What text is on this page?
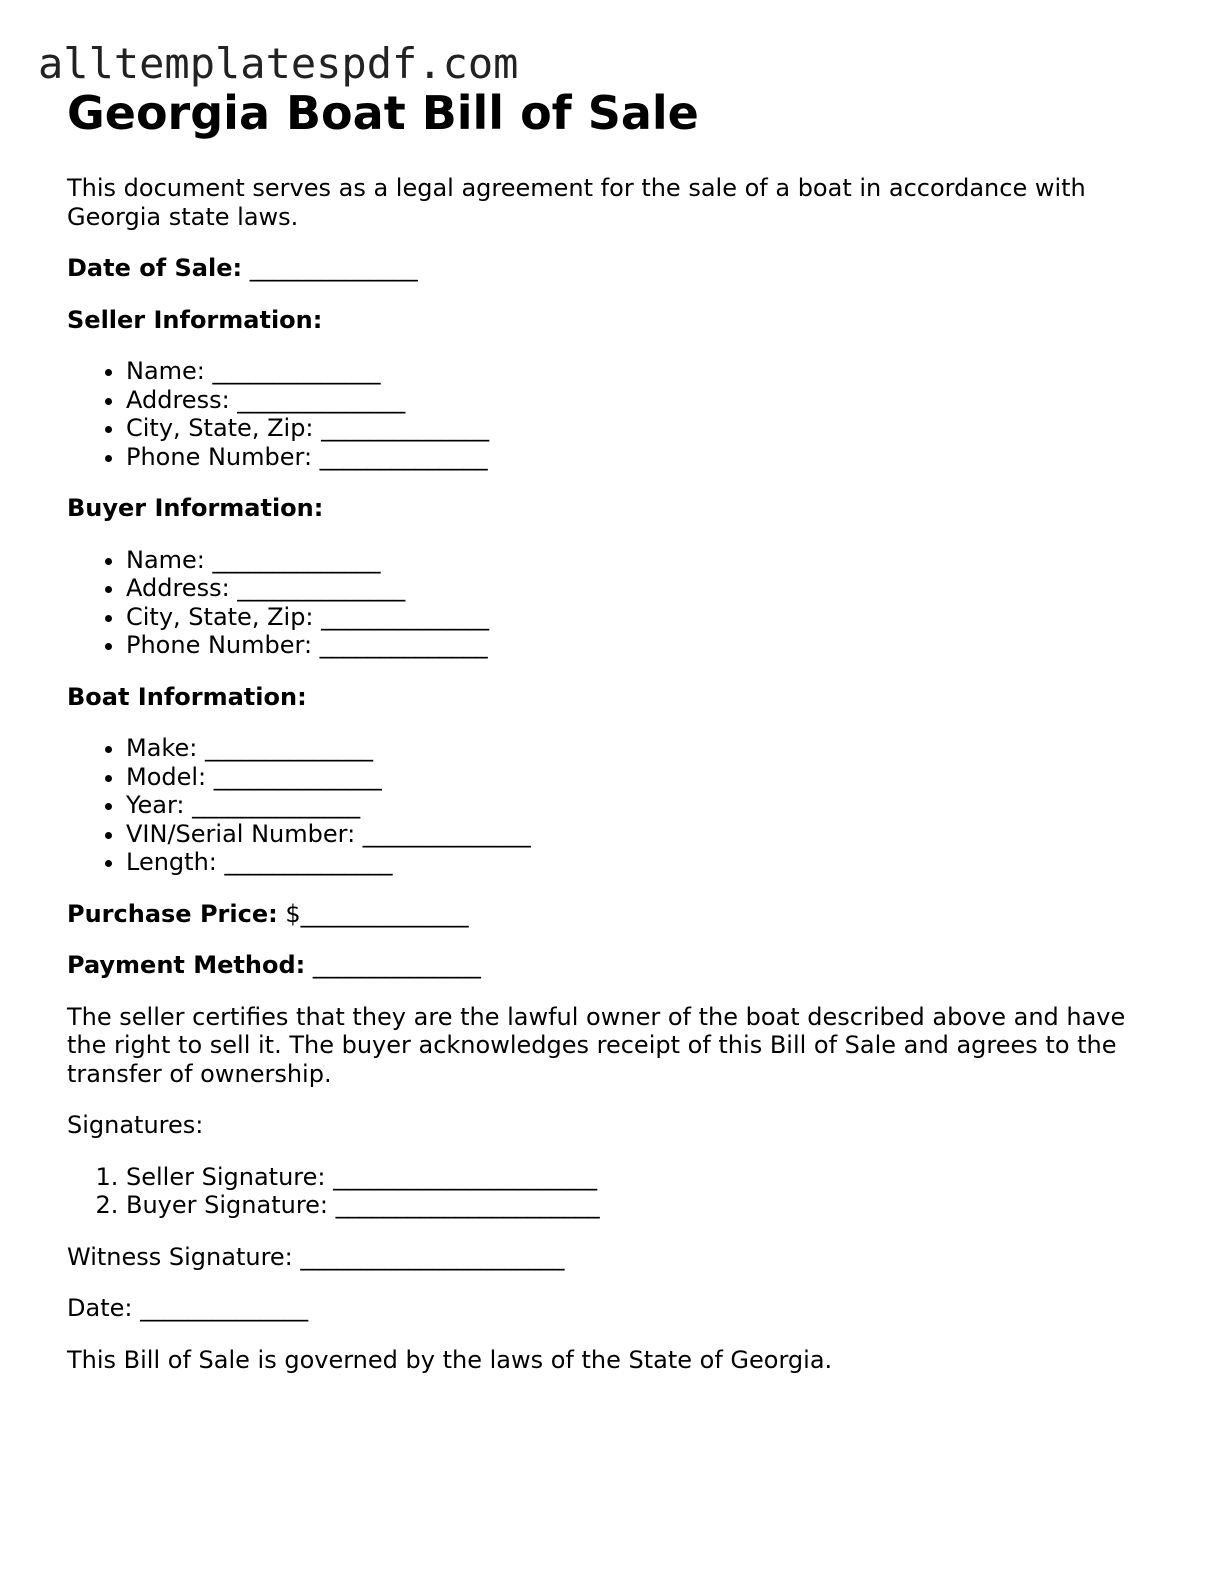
alltemplatespdf.com
Georgia Boat Bill of Sale

This document serves as a legal agreement for the sale of a boat in accordance with Georgia state laws.

Date of Sale: ______________

Seller Information:

• Name: ______________
• Address: ______________
• City, State, Zip: ______________
• Phone Number: ______________

Buyer Information:

• Name: ______________
• Address: ______________
• City, State, Zip: ______________
• Phone Number: ______________

Boat Information:

• Make: ______________
• Model: ______________
• Year: ______________
• VIN/Serial Number: ______________
• Length: ______________

Purchase Price: $______________

Payment Method: ______________

The seller certifies that they are the lawful owner of the boat described above and have the right to sell it. The buyer acknowledges receipt of this Bill of Sale and agrees to the transfer of ownership.

Signatures:

1. Seller Signature: ______________________
2. Buyer Signature: ______________________

Witness Signature: ______________________

Date: ______________

This Bill of Sale is governed by the laws of the State of Georgia.
